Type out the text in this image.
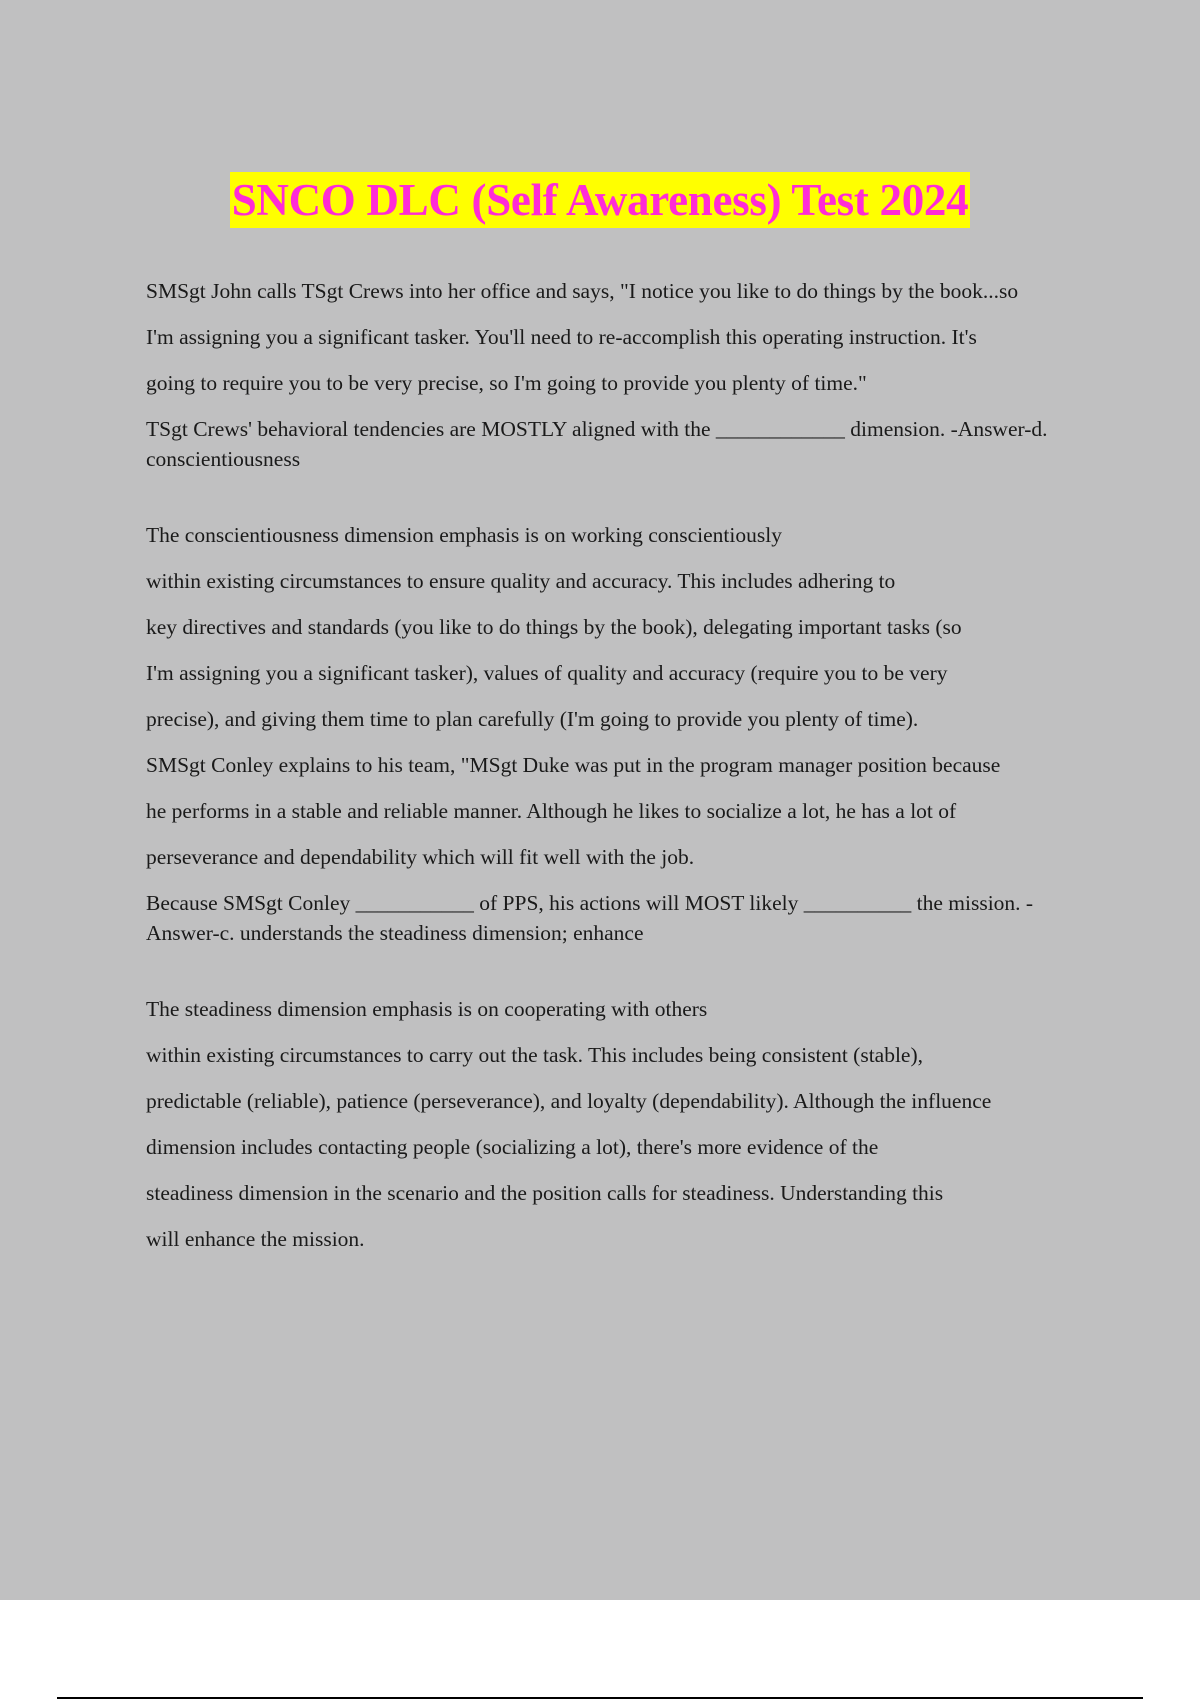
SNCO DLC (Self Awareness) Test 2024

SMSgt John calls TSgt Crews into her office and says, "I notice you like to do things by the book...so

I'm assigning you a significant tasker. You'll need to re-accomplish this operating instruction. It's

going to require you to be very precise, so I'm going to provide you plenty of time."

TSgt Crews' behavioral tendencies are MOSTLY aligned with the ____________ dimension. -Answer-d. conscientiousness

The conscientiousness dimension emphasis is on working conscientiously

within existing circumstances to ensure quality and accuracy. This includes adhering to

key directives and standards (you like to do things by the book), delegating important tasks (so

I'm assigning you a significant tasker), values of quality and accuracy (require you to be very

precise), and giving them time to plan carefully (I'm going to provide you plenty of time).

SMSgt Conley explains to his team, "MSgt Duke was put in the program manager position because

he performs in a stable and reliable manner. Although he likes to socialize a lot, he has a lot of

perseverance and dependability which will fit well with the job.

Because SMSgt Conley ___________ of PPS, his actions will MOST likely __________ the mission. -Answer-c. understands the steadiness dimension; enhance

The steadiness dimension emphasis is on cooperating with others

within existing circumstances to carry out the task. This includes being consistent (stable),

predictable (reliable), patience (perseverance), and loyalty (dependability). Although the influence

dimension includes contacting people (socializing a lot), there's more evidence of the

steadiness dimension in the scenario and the position calls for steadiness. Understanding this

will enhance the mission.
